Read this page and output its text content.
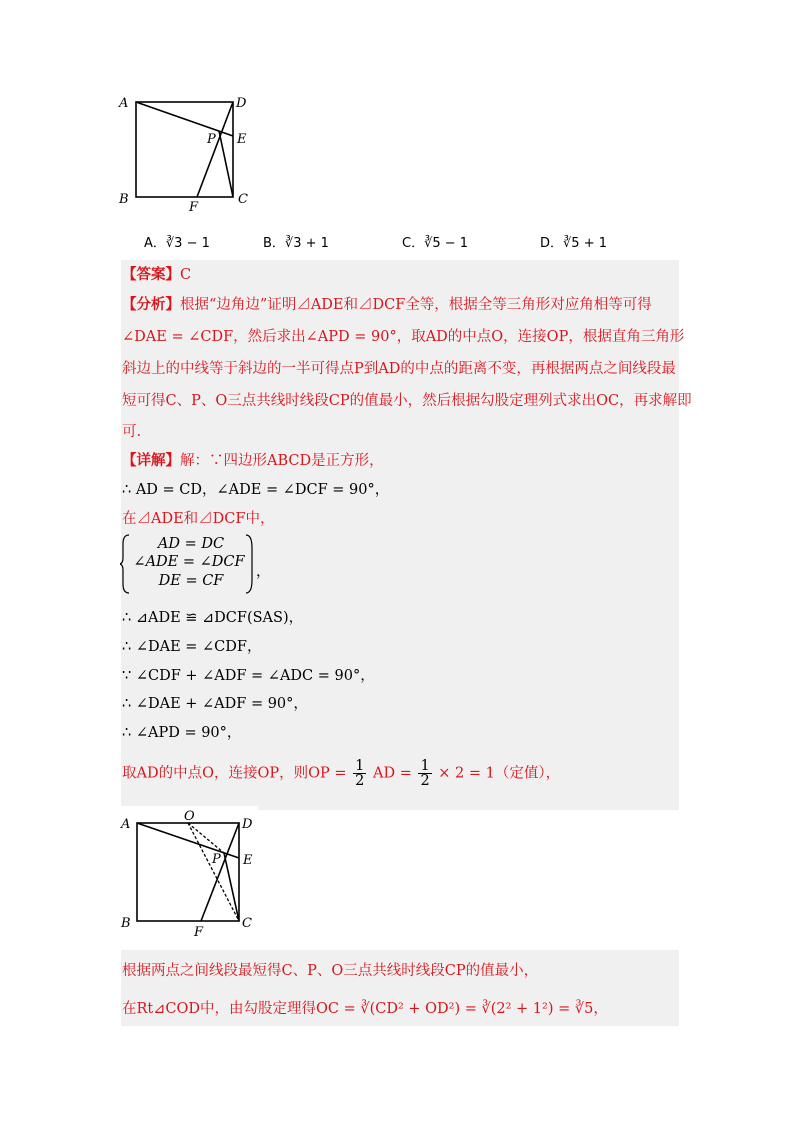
A	D
P E
B	C
F
A．∛3 − 1	B．∛3 + 1	C．∛5 − 1	D．∛5 + 1
【答案】C
【分析】根据“边角边”证明⊿ADE和⊿DCF全等，根据全等三角形对应角相等可得
∠DAE = ∠CDF，然后求出∠APD = 90°，取AD的中点O，连接OP，根据直角三角形
斜边上的中线等于斜边的一半可得点P到AD的中点的距离不变，再根据两点之间线段最
短可得C、P、O三点共线时线段CP的值最小，然后根据勾股定理列式求出OC，再求解即
可.
【详解】解：∵四边形ABCD是正方形，
∴ AD = CD，∠ADE = ∠DCF = 90°，
在⊿ADE和⊿DCF中，
AD = DC
∠ADE = ∠DCF
DE = CF
，
∴ ⊿ADE ≌ ⊿DCF(SAS)，
∴ ∠DAE = ∠CDF，
∵ ∠CDF + ∠ADF = ∠ADC = 90°，
∴ ∠DAE + ∠ADF = 90°，
∴ ∠APD = 90°，
取AD的中点O，连接OP，则OP = $\frac{1}{2}$ AD = $\frac{1}{2} \times 2 = 1$（定值），
O
A	D
P E
B	C
F
根据两点之间线段最短得C、P、O三点共线时线段CP的值最小，
在Rt⊿COD中，由勾股定理得OC = ∛(CD² + OD²) = ∛(2² + 1²) = ∛5，
